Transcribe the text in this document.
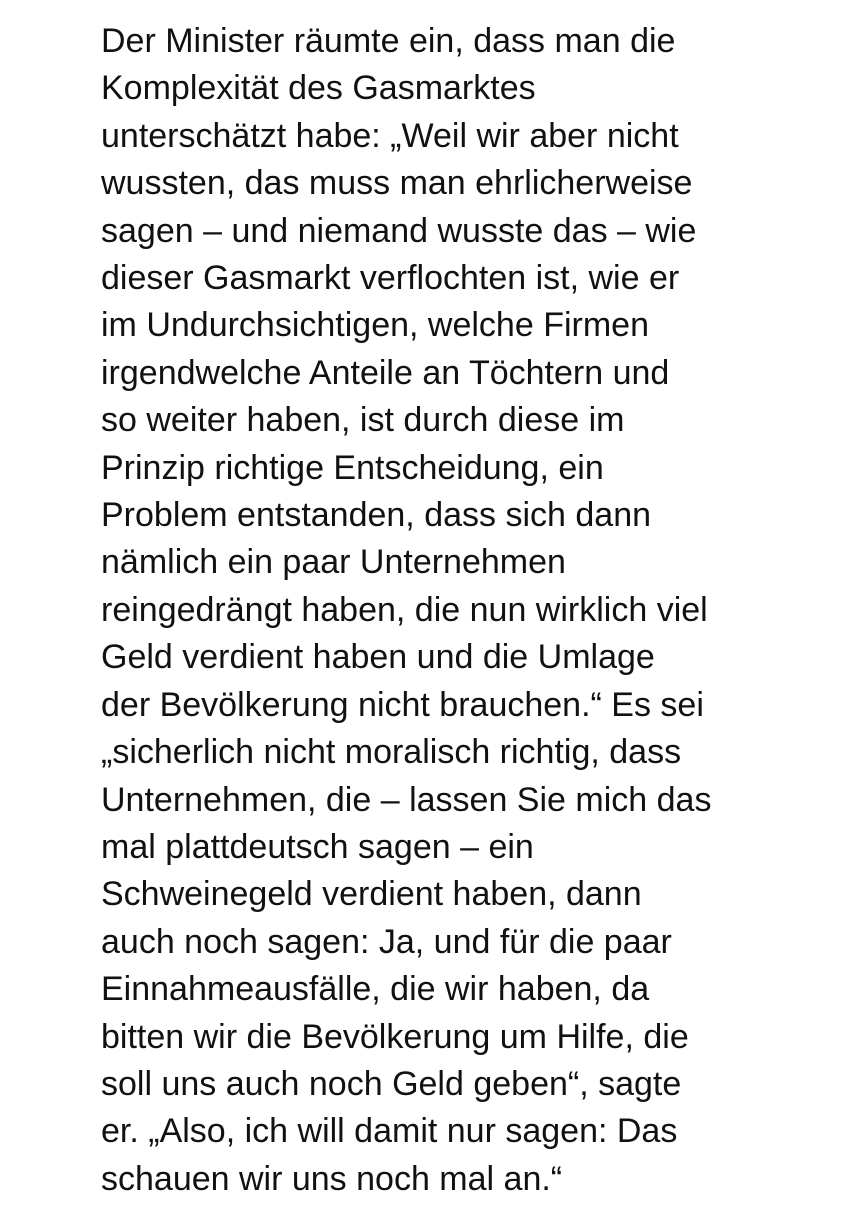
Der Minister räumte ein, dass man die
Komplexität des Gasmarktes
unterschätzt habe: „Weil wir aber nicht
wussten, das muss man ehrlicherweise
sagen – und niemand wusste das – wie
dieser Gasmarkt verflochten ist, wie er
im Undurchsichtigen, welche Firmen
irgendwelche Anteile an Töchtern und
so weiter haben, ist durch diese im
Prinzip richtige Entscheidung, ein
Problem entstanden, dass sich dann
nämlich ein paar Unternehmen
reingedrängt haben, die nun wirklich viel
Geld verdient haben und die Umlage
der Bevölkerung nicht brauchen.“ Es sei
„sicherlich nicht moralisch richtig, dass
Unternehmen, die – lassen Sie mich das
mal plattdeutsch sagen – ein
Schweinegeld verdient haben, dann
auch noch sagen: Ja, und für die paar
Einnahmeausfälle, die wir haben, da
bitten wir die Bevölkerung um Hilfe, die
soll uns auch noch Geld geben“, sagte
er. „Also, ich will damit nur sagen: Das
schauen wir uns noch mal an.“
